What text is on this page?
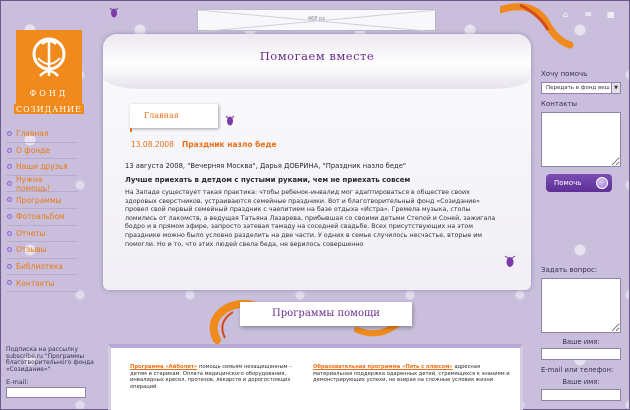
⌂ ✉ ▦
ФОНД
СОЗИДАНИЕ
Главная
О фонде
Наши друзья
Нужна помощь!
Программы
Фотоальбом
Отчеты
Отзывы
Библиотека
Контакты
Подписка на рассылку subscribe.ru "Программы благотворительного фонда «Созидание»"
E-mail:
468 px
Помогаем вместе
Главная
13.08.2008 Праздник назло беде
13 августа 2008, "Вечерняя Москва", Дарья ДОБРИНА, "Праздник назло беде"
Лучше приехать в детдом с пустыми руками, чем не приехать совсем
На Западе существует такая практика: чтобы ребенок-инвалид мог адаптироваться в обществе своих здоровых сверстников, устраиваются семейные праздники. Вот и благотворительный фонд «Созидание» провел свой первый семейный праздник с чаепитием на базе отдыха «Истра». Гремела музыка, столы ломились от лакомств, а ведущая Татьяна Лазарева, прибывшая со своими детьми Степой и Соней, зажигала бодро и в прямом эфире, запросто затевая тамаду на соседней свадьбе. Всех присутствующих на этом празднике можно было условно разделить на две части. У одних в семье случилось несчастье, вторые им помогли. Но и то, что этих людей свела беда, не верилось совершенно
Программы помощи
Программа «Айболит» помощь семьям незащищенным – детям и старикам. Оплата медицинского оборудования, инвалидных кресел, протезов, лекарств и дорогостоящих операций
Образовательная программа «Пять с плюсом» адресная материальная поддержка одаренных детей, стремящихся к знаниям и демонстрирующих успехи, но взирая на сложные условия жизни
Хочу помочь
Передать в фонд веш ▼
Контакты
Помочь
Задать вопрос:
Ваше имя:
E-mail или телефон:
Ваше имя:
